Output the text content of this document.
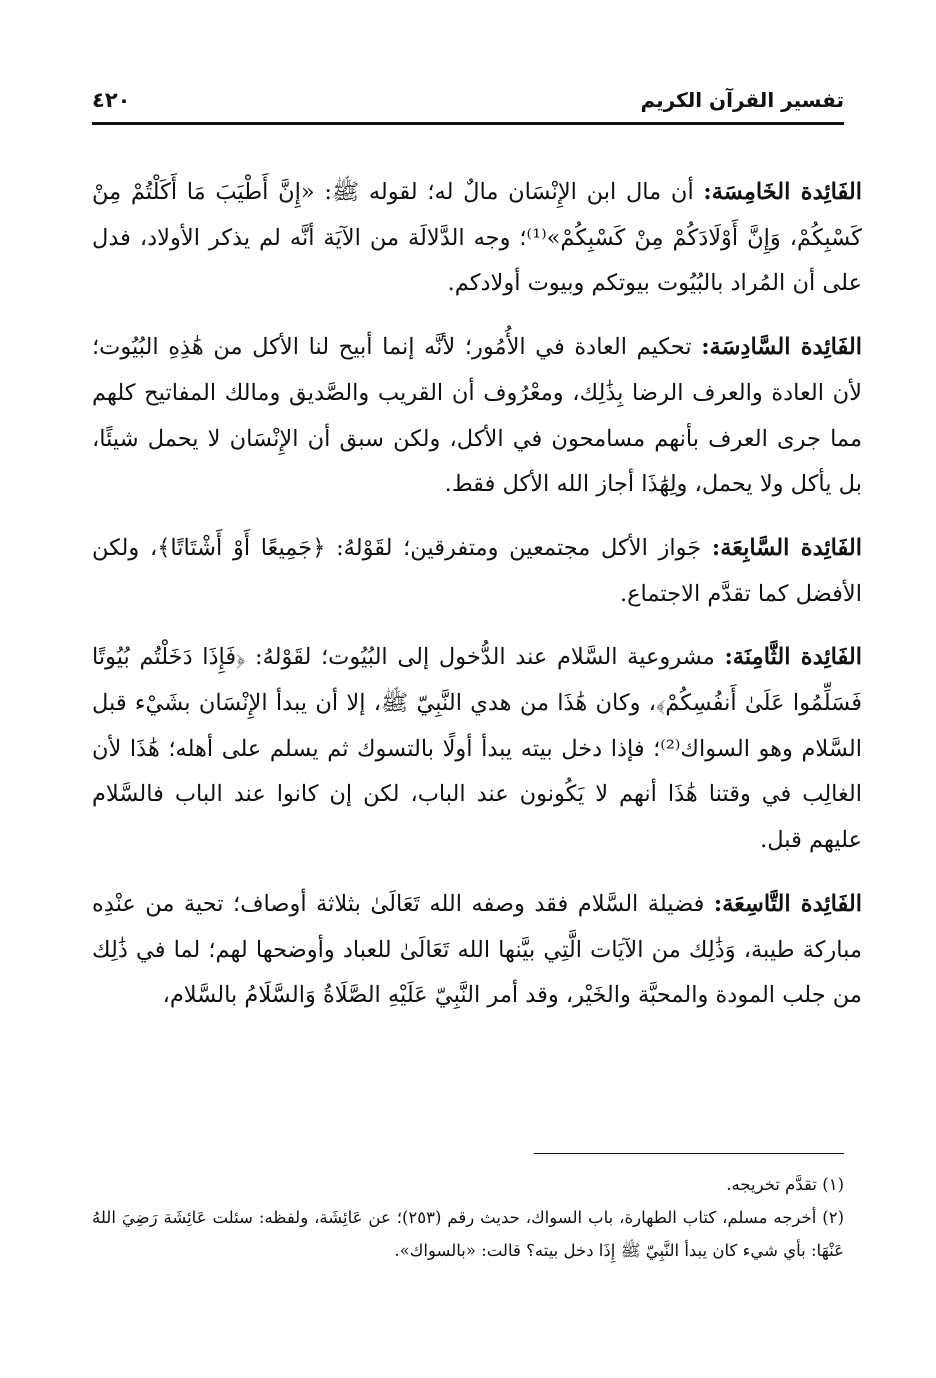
تفسير القرآن الكريم
٤٢٠

الفَائِدة الخَامِسَة: أن مال ابن الإِنْسَان مالٌ له؛ لقوله ﷺ: «إِنَّ أَطْيَبَ مَا أَكَلْتُمْ مِنْ كَسْبِكُمْ، وَإِنَّ أَوْلَادَكُمْ مِنْ كَسْبِكُمْ»⁽¹⁾؛ وجه الدَّلالَة من الآيَة أنَّه لم يذكر الأولاد، فدل على أن المُراد بالبُيُوت بيوتكم وبيوت أولادكم.

الفَائِدة السَّادِسَة: تحكيم العادة في الأُمُور؛ لأنَّه إنما أبيح لنا الأكل من هَٰذِهِ البُيُوت؛ لأن العادة والعرف الرضا بِذَٰلِك، ومعْرُوف أن القريب والصَّديق ومالك المفاتيح كلهم مما جرى العرف بأنهم مسامحون في الأكل، ولكن سبق أن الإِنْسَان لا يحمل شيئًا، بل يأكل ولا يحمل، ولِهَٰذَا أجاز الله الأكل فقط.

الفَائِدة السَّابِعَة: جَواز الأكل مجتمعين ومتفرقين؛ لقَوْلهُ: ﴿جَمِيعًا أَوْ أَشْتَاتًا﴾، ولكن الأفضل كما تقدَّم الاجتماع.

الفَائِدة الثَّامِنَة: مشروعية السَّلام عند الدُّخول إلى البُيُوت؛ لقَوْلهُ: ﴿فَإِذَا دَخَلْتُم بُيُوتًا فَسَلِّمُوا عَلَىٰ أَنفُسِكُمْ﴾، وكان هَٰذَا من هدي النَّبِيّ ﷺ، إلا أن يبدأ الإِنْسَان بشَيْء قبل السَّلام وهو السواك⁽²⁾؛ فإذا دخل بيته يبدأ أولًا بالتسوك ثم يسلم على أهله؛ هَٰذَا لأن الغالِب في وقتنا هَٰذَا أنهم لا يَكُونون عند الباب، لكن إن كانوا عند الباب فالسَّلام عليهم قبل.

الفَائِدة التَّاسِعَة: فضيلة السَّلام فقد وصفه الله تَعَالَىٰ بثلاثة أوصاف؛ تحية من عنْدِه مباركة طيبة، وَذَٰلِك من الآيَات الَّتِي بيَّنها الله تَعَالَىٰ للعباد وأوضحها لهم؛ لما في ذَٰلِك من جلب المودة والمحبَّة والخَيْر، وقد أمر النَّبِيّ عَلَيْهِ الصَّلَاةُ وَالسَّلَامُ بالسَّلام،

(١) تقدَّم تخريجه.

(٢) أخرجه مسلم، كتاب الطهارة، باب السواك، حديث رقم (٢٥٣)؛ عن عَائِشَة، ولفظه: سئلت عَائِشَة رَضِيَ اللهُ عَنْهَا: بأي شيء كان يبدأ النَّبِيّ ﷺ إِذَا دخل بيته؟ قالت: «بالسواك».
